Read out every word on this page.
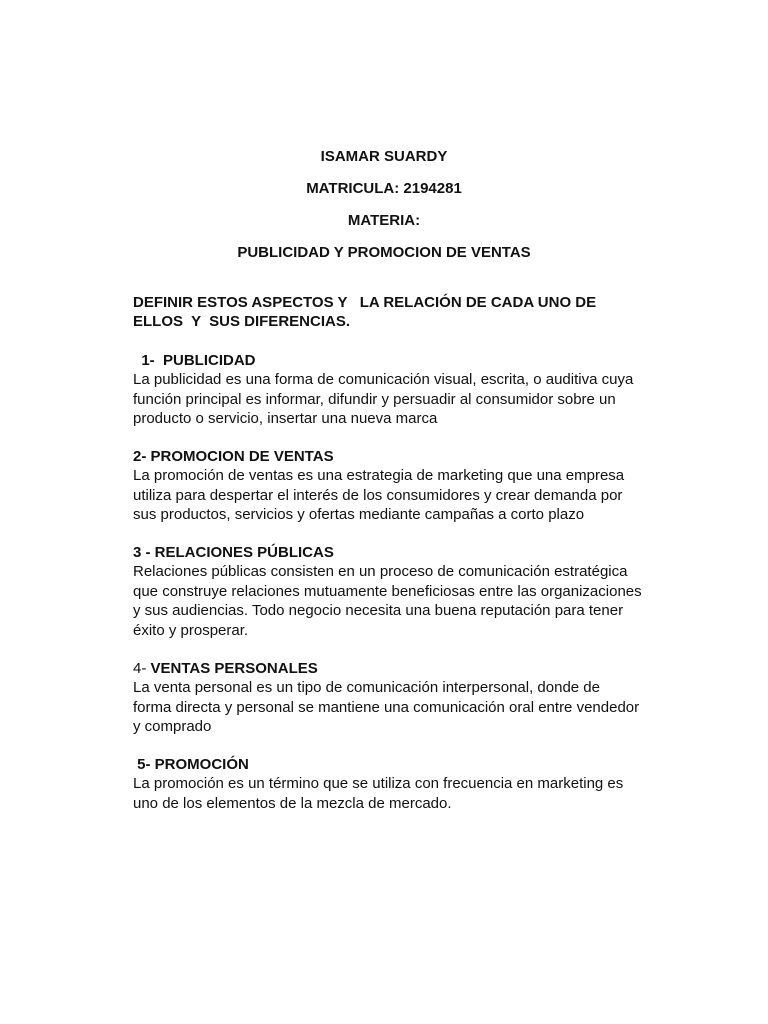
ISAMAR SUARDY
MATRICULA: 2194281
MATERIA:
PUBLICIDAD Y PROMOCION DE VENTAS
DEFINIR ESTOS ASPECTOS Y   LA RELACIÓN DE CADA UNO DE
ELLOS  Y  SUS DIFERENCIAS.
1-  PUBLICIDAD
La publicidad es una forma de comunicación visual, escrita, o auditiva cuya
función principal es informar, difundir y persuadir al consumidor sobre un
producto o servicio, insertar una nueva marca
2- PROMOCION DE VENTAS
La promoción de ventas es una estrategia de marketing que una empresa
utiliza para despertar el interés de los consumidores y crear demanda por
sus productos, servicios y ofertas mediante campañas a corto plazo
3 - RELACIONES PÚBLICAS
Relaciones públicas consisten en un proceso de comunicación estratégica
que construye relaciones mutuamente beneficiosas entre las organizaciones
y sus audiencias. Todo negocio necesita una buena reputación para tener
éxito y prosperar.
4- VENTAS PERSONALES
La venta personal es un tipo de comunicación interpersonal, donde de
forma directa y personal se mantiene una comunicación oral entre vendedor
y comprado
5- PROMOCIÓN
La promoción es un término que se utiliza con frecuencia en marketing es
uno de los elementos de la mezcla de mercado.
